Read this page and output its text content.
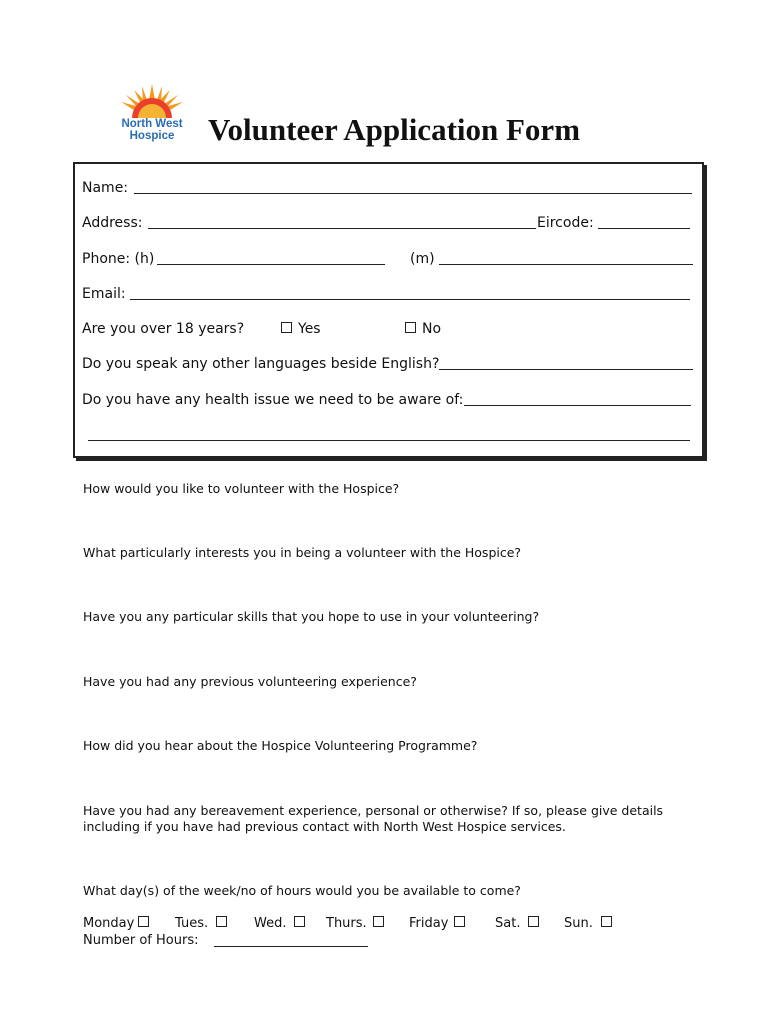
North West
Hospice	Volunteer Application Form
Name:
Address:	Eircode:
Phone: (h)	(m)
Email:
Are you over 18 years?	Yes	No
Do you speak any other languages beside English?
Do you have any health issue we need to be aware of:
How would you like to volunteer with the Hospice?
What particularly interests you in being a volunteer with the Hospice?
Have you any particular skills that you hope to use in your volunteering?
Have you had any previous volunteering experience?
How did you hear about the Hospice Volunteering Programme?
Have you had any bereavement experience, personal or otherwise? If so, please give details
including if you have had previous contact with North West Hospice services.
What day(s) of the week/no of hours would you be available to come?
Monday	Tues.	Wed.	Thurs.	Friday	Sat.	Sun.
Number of Hours:
